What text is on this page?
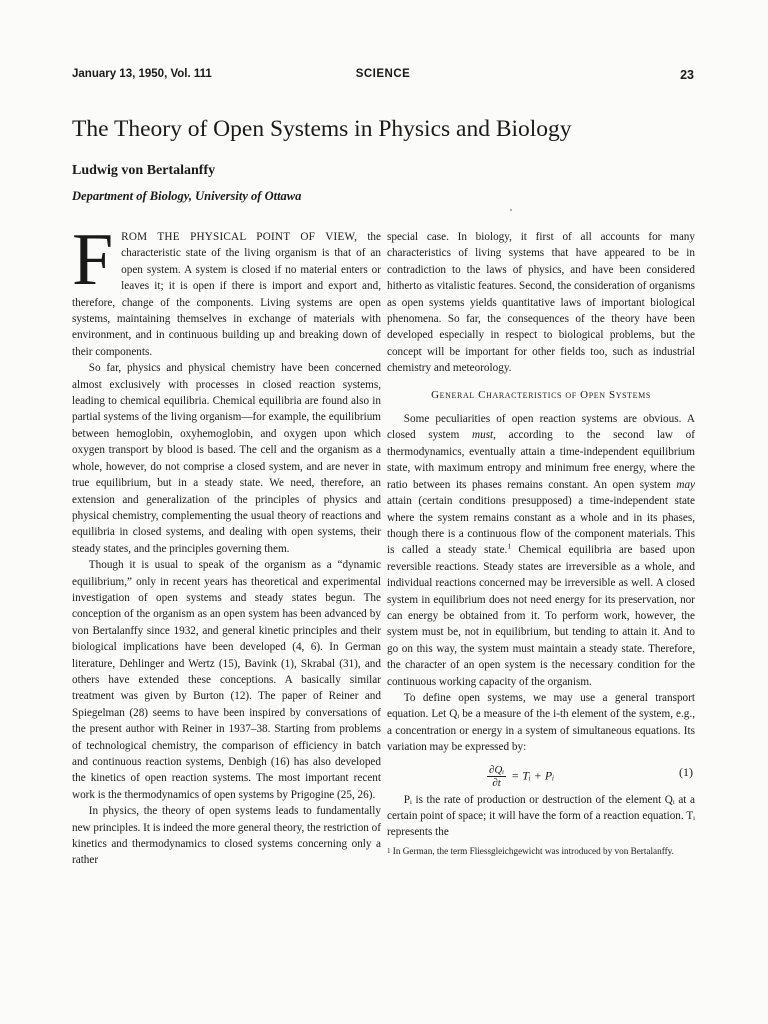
January 13, 1950, Vol. 111	SCIENCE	23
The Theory of Open Systems in Physics and Biology
Ludwig von Bertalanffy
Department of Biology, University of Ottawa

FROM THE PHYSICAL POINT OF VIEW, the characteristic state of the living organism is that of an open system. A system is closed if no material enters or leaves it; it is open if there is import and export and, therefore, change of the components. Living systems are open systems, maintaining themselves in exchange of materials with environment, and in continuous building up and breaking down of their components.

So far, physics and physical chemistry have been concerned almost exclusively with processes in closed reaction systems, leading to chemical equilibria. Chemical equilibria are found also in partial systems of the living organism—for example, the equilibrium between hemoglobin, oxyhemoglobin, and oxygen upon which oxygen transport by blood is based. The cell and the organism as a whole, however, do not comprise a closed system, and are never in true equilibrium, but in a steady state. We need, therefore, an extension and generalization of the principles of physics and physical chemistry, complementing the usual theory of reactions and equilibria in closed systems, and dealing with open systems, their steady states, and the principles governing them.

Though it is usual to speak of the organism as a “dynamic equilibrium,” only in recent years has theoretical and experimental investigation of open systems and steady states begun. The conception of the organism as an open system has been advanced by von Bertalanffy since 1932, and general kinetic principles and their biological implications have been developed (4, 6). In German literature, Dehlinger and Wertz (15), Bavink (1), Skrabal (31), and others have extended these conceptions. A basically similar treatment was given by Burton (12). The paper of Reiner and Spiegelman (28) seems to have been inspired by conversations of the present author with Reiner in 1937–38. Starting from problems of technological chemistry, the comparison of efficiency in batch and continuous reaction systems, Denbigh (16) has also developed the kinetics of open reaction systems. The most important recent work is the thermodynamics of open systems by Prigogine (25, 26).

In physics, the theory of open systems leads to fundamentally new principles. It is indeed the more general theory, the restriction of kinetics and thermodynamics to closed systems concerning only a rather

special case. In biology, it first of all accounts for many characteristics of living systems that have appeared to be in contradiction to the laws of physics, and have been considered hitherto as vitalistic features. Second, the consideration of organisms as open systems yields quantitative laws of important biological phenomena. So far, the consequences of the theory have been developed especially in respect to biological problems, but the concept will be important for other fields too, such as industrial chemistry and meteorology.

General Characteristics of Open Systems

Some peculiarities of open reaction systems are obvious. A closed system must, according to the second law of thermodynamics, eventually attain a time-independent equilibrium state, with maximum entropy and minimum free energy, where the ratio between its phases remains constant. An open system may attain (certain conditions presupposed) a time-independent state where the system remains constant as a whole and in its phases, though there is a continuous flow of the component materials. This is called a steady state.$^1$ Chemical equilibria are based upon reversible reactions. Steady states are irreversible as a whole, and individual reactions concerned may be irreversible as well. A closed system in equilibrium does not need energy for its preservation, nor can energy be obtained from it. To perform work, however, the system must be, not in equilibrium, but tending to attain it. And to go on this way, the system must maintain a steady state. Therefore, the character of an open system is the necessary condition for the continuous working capacity of the organism.

To define open systems, we may use a general transport equation. Let Qᵢ be a measure of the i-th element of the system, e.g., a concentration or energy in a system of simultaneous equations. Its variation may be expressed by:

$\frac{\text{∂Qᵢ}}{\partial t}$ = Tᵢ + Pᵢ	(1)

Pᵢ is the rate of production or destruction of the element Qᵢ at a certain point of space; it will have the form of a reaction equation. Tᵢ represents the

$^1$ In German, the term Fliessgleichgewicht was introduced by von Bertalanffy.
